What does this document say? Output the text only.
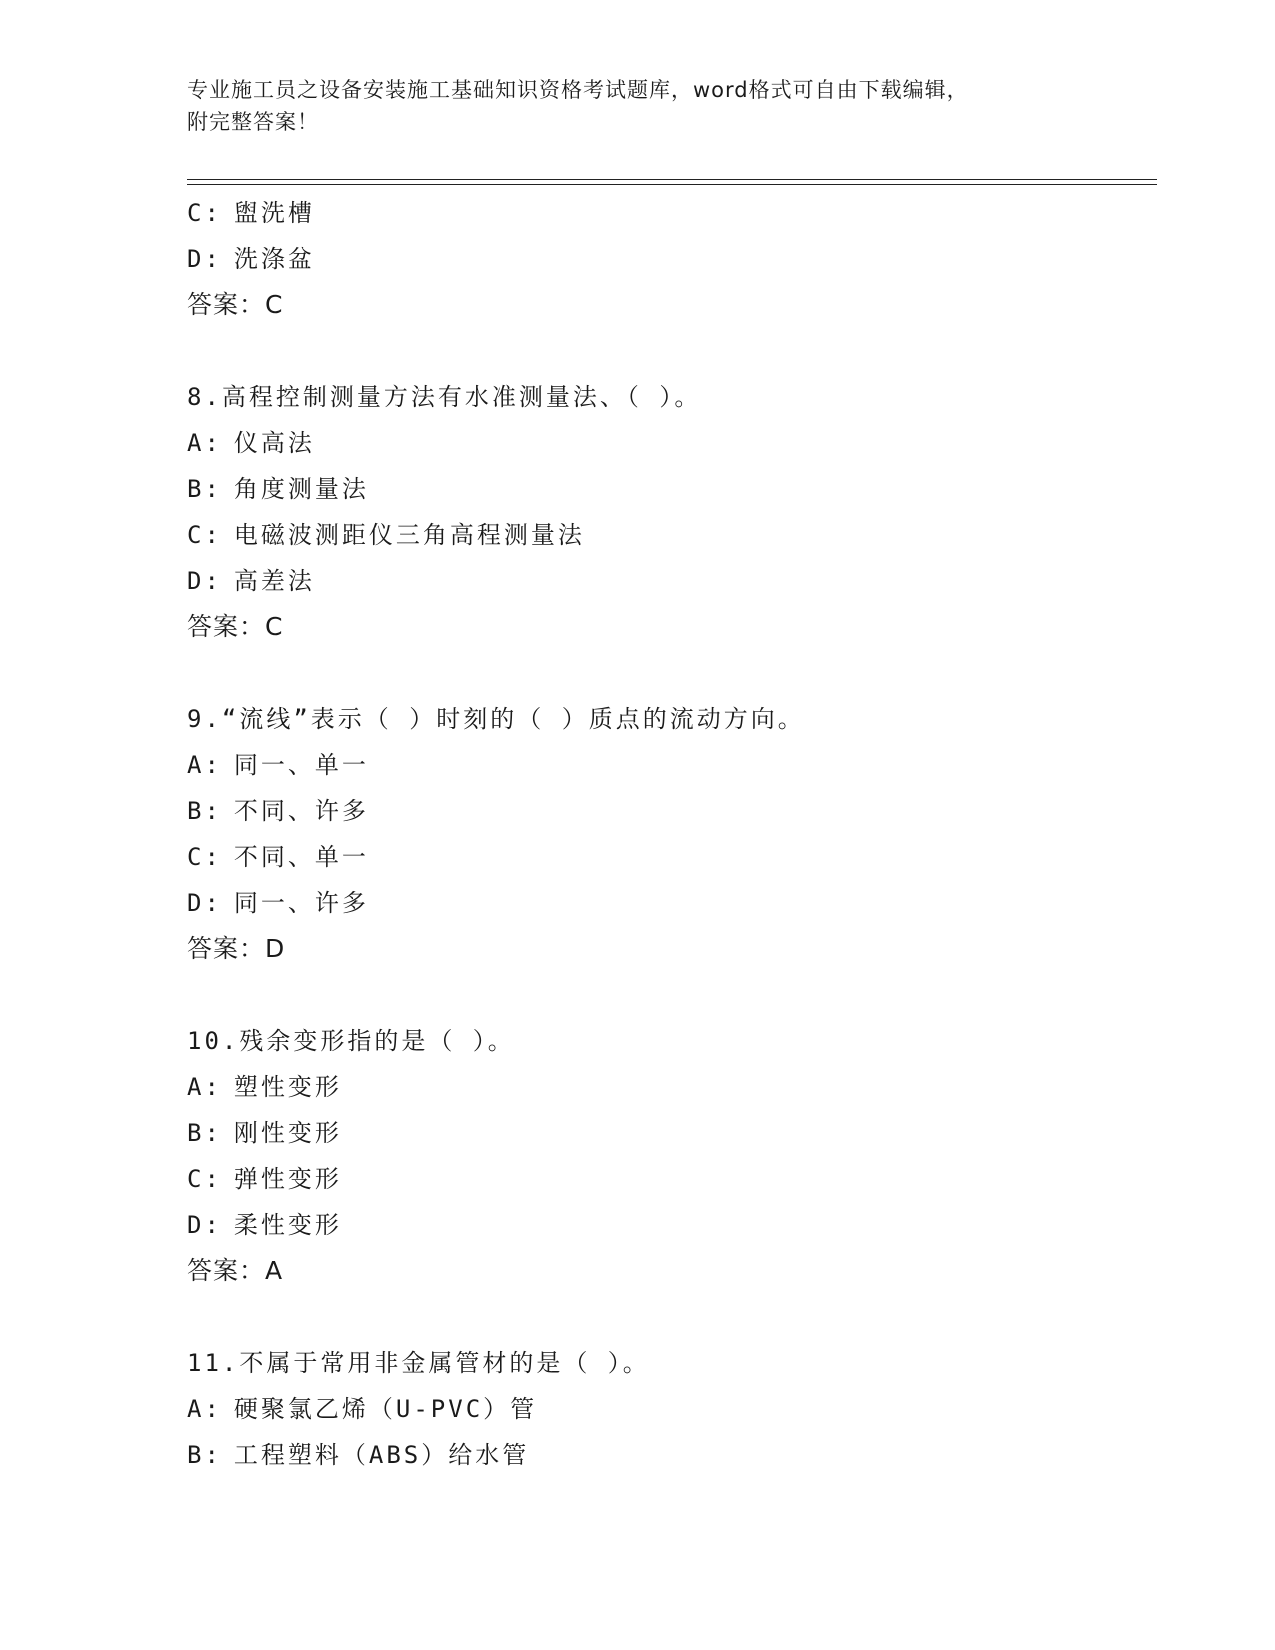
专业施工员之设备安装施工基础知识资格考试题库，word格式可自由下载编辑，
附完整答案！
C: 盥洗槽
D: 洗涤盆
答案：C
8.高程控制测量方法有水准测量法、（ ）。
A: 仪高法
B: 角度测量法
C: 电磁波测距仪三角高程测量法
D: 高差法
答案：C
9.“流线”表示（ ）时刻的（ ）质点的流动方向。
A: 同一、单一
B: 不同、许多
C: 不同、单一
D: 同一、许多
答案：D
10.残余变形指的是（ ）。
A: 塑性变形
B: 刚性变形
C: 弹性变形
D: 柔性变形
答案：A
11.不属于常用非金属管材的是（ ）。
A: 硬聚氯乙烯（U-PVC）管
B: 工程塑料（ABS）给水管
